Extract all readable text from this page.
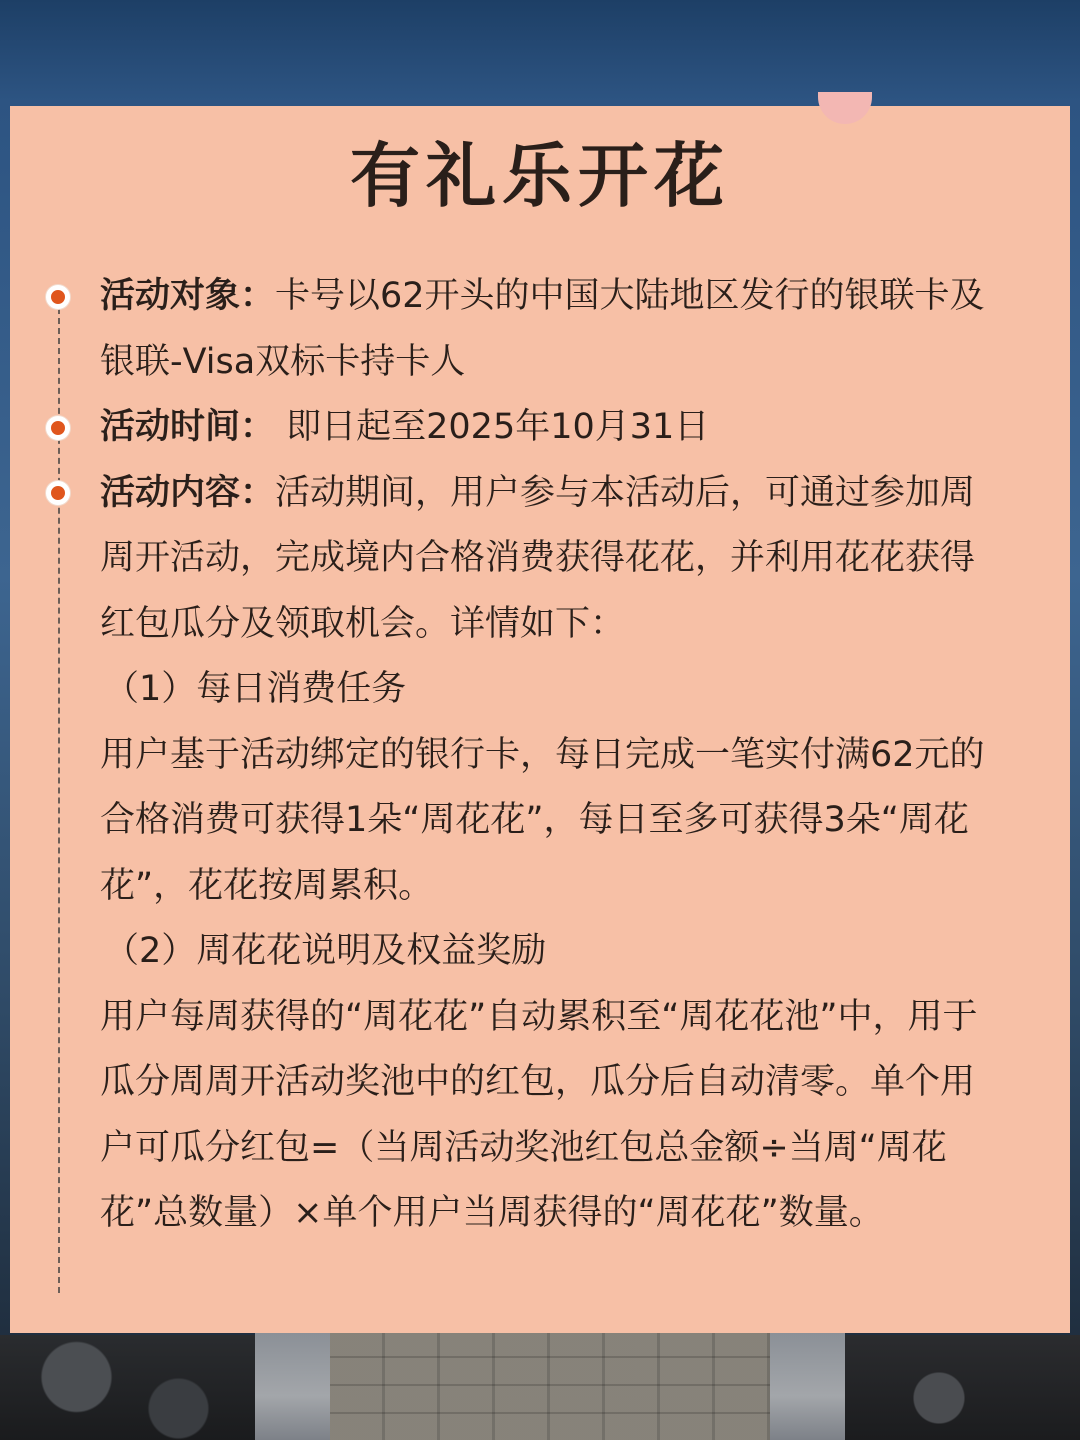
有礼乐开花

活动对象：卡号以62开头的中国大陆地区发行的银联卡及银联-Visa双标卡持卡人

活动时间： 即日起至2025年10月31日

活动内容：活动期间，用户参与本活动后，可通过参加周周开活动，完成境内合格消费获得花花，并利用花花获得红包瓜分及领取机会。详情如下：

（1）每日消费任务

用户基于活动绑定的银行卡，每日完成一笔实付满62元的合格消费可获得1朵“周花花”，每日至多可获得3朵“周花花”，花花按周累积。

（2）周花花说明及权益奖励

用户每周获得的“周花花”自动累积至“周花花池”中，用于瓜分周周开活动奖池中的红包，瓜分后自动清零。单个用户可瓜分红包=（当周活动奖池红包总金额÷当周“周花花”总数量）×单个用户当周获得的“周花花”数量。
